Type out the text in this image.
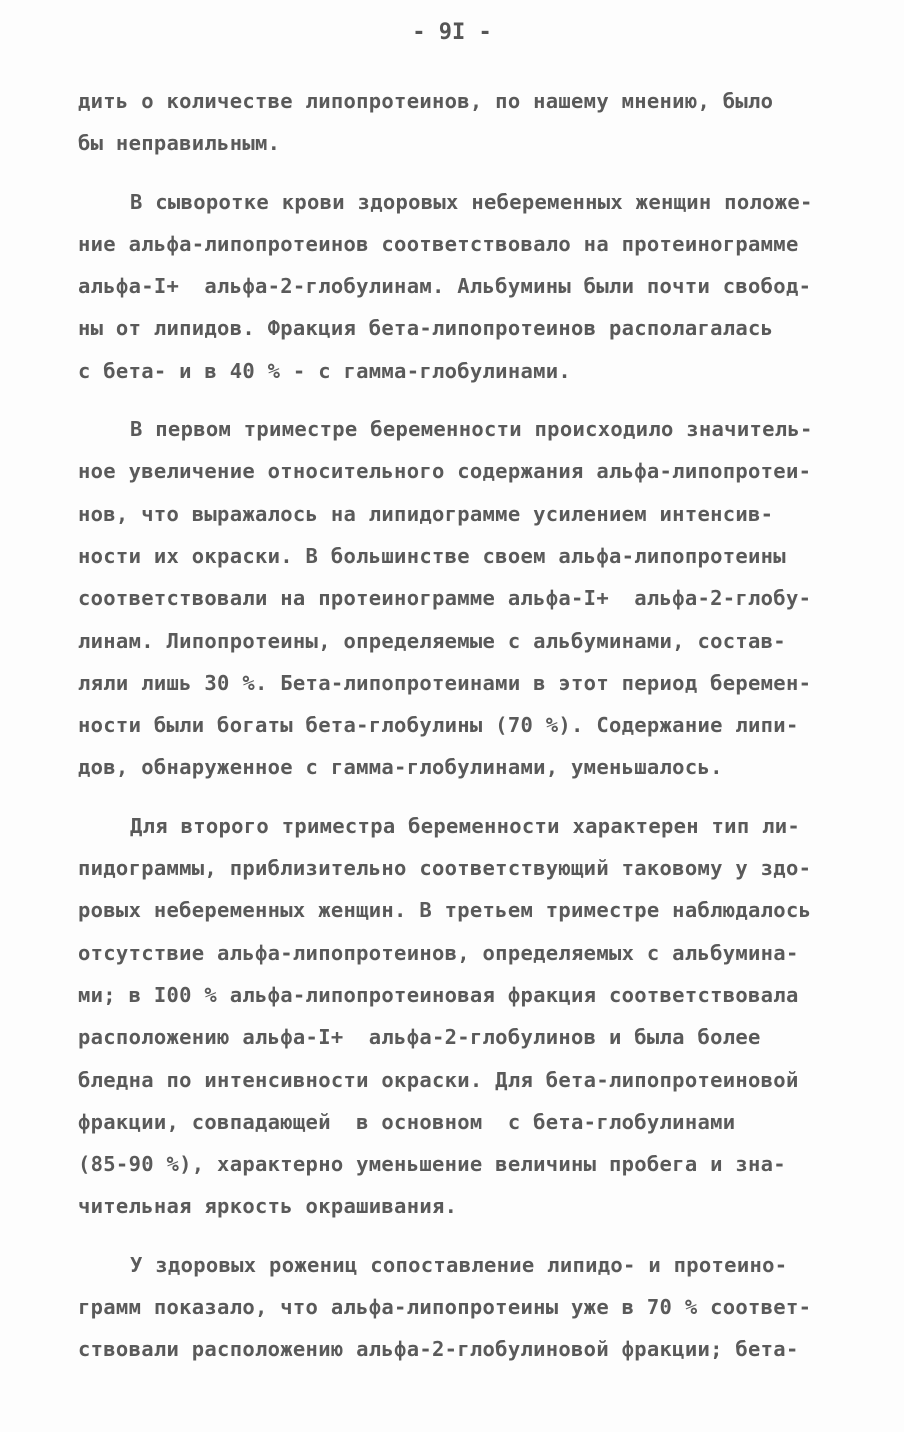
- 9I -
дить о количестве липопротеинов, по нашему мнению, было
бы неправильным.
В сыворотке крови здоровых небеременных женщин положе-
ние альфа-липопротеинов соответствовало на протеинограмме
альфа-I+  альфа-2-глобулинам. Альбумины были почти свобод-
ны от липидов. Фракция бета-липопротеинов располагалась
с бета- и в 40 % - с гамма-глобулинами.
В первом триместре беременности происходило значитель-
ное увеличение относительного содержания альфа-липопротеи-
нов, что выражалось на липидограмме усилением интенсив-
ности их окраски. В большинстве своем альфа-липопротеины
соответствовали на протеинограмме альфа-I+  альфа-2-глобу-
линам. Липопротеины, определяемые с альбуминами, состав-
ляли лишь 30 %. Бета-липопротеинами в этот период беремен-
ности были богаты бета-глобулины (70 %). Содержание липи-
дов, обнаруженное с гамма-глобулинами, уменьшалось.
Для второго триместра беременности характерен тип ли-
пидограммы, приблизительно соответствующий таковому у здо-
ровых небеременных женщин. В третьем триместре наблюдалось
отсутствие альфа-липопротеинов, определяемых с альбумина-
ми; в I00 % альфа-липопротеиновая фракция соответствовала
расположению альфа-I+  альфа-2-глобулинов и была более
бледна по интенсивности окраски. Для бета-липопротеиновой
фракции, совпадающей  в основном  с бета-глобулинами
(85-90 %), характерно уменьшение величины пробега и зна-
чительная яркость окрашивания.
У здоровых рожениц сопоставление липидо- и протеино-
грамм показало, что альфа-липопротеины уже в 70 % соответ-
ствовали расположению альфа-2-глобулиновой фракции; бета-
